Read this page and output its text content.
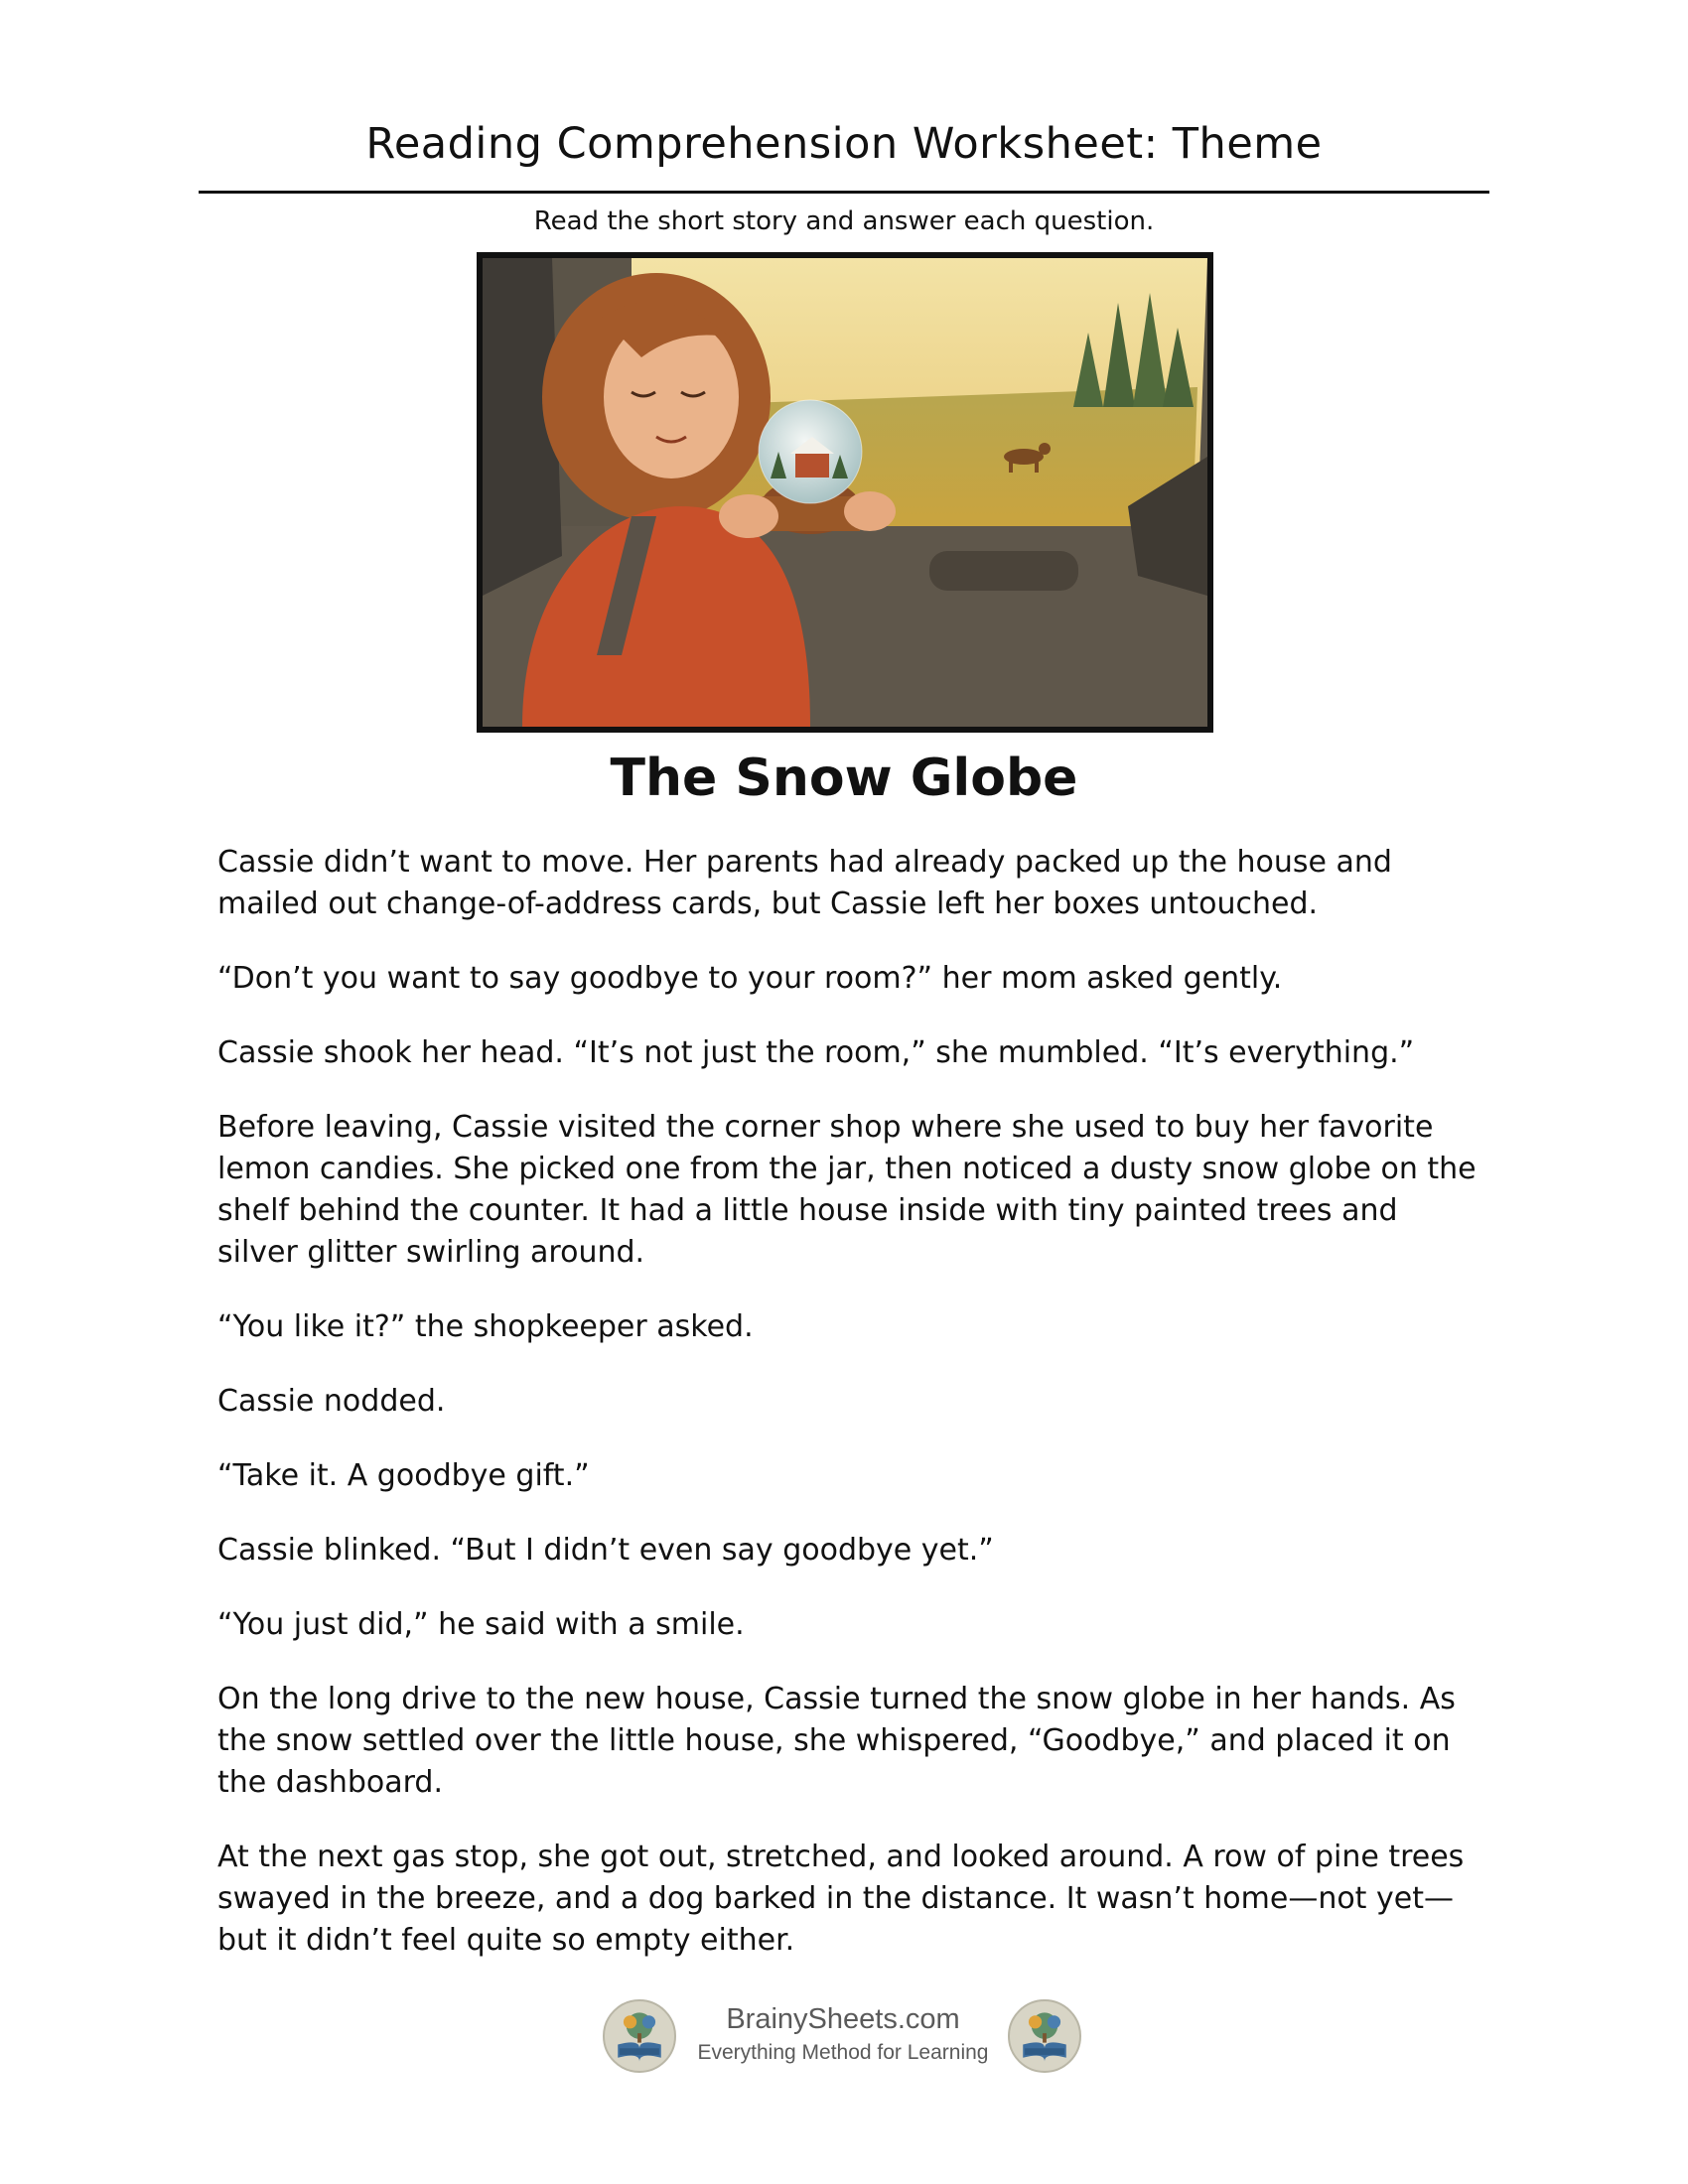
Reading Comprehension Worksheet: Theme
Read the short story and answer each question.
The Snow Globe

Cassie didn’t want to move. Her parents had already packed up the house and mailed out change-of-address cards, but Cassie left her boxes untouched.

“Don’t you want to say goodbye to your room?” her mom asked gently.

Cassie shook her head. “It’s not just the room,” she mumbled. “It’s everything.”

Before leaving, Cassie visited the corner shop where she used to buy her favorite lemon candies. She picked one from the jar, then noticed a dusty snow globe on the shelf behind the counter. It had a little house inside with tiny painted trees and silver glitter swirling around.

“You like it?” the shopkeeper asked.

Cassie nodded.

“Take it. A goodbye gift.”

Cassie blinked. “But I didn’t even say goodbye yet.”

“You just did,” he said with a smile.

On the long drive to the new house, Cassie turned the snow globe in her hands. As the snow settled over the little house, she whispered, “Goodbye,” and placed it on the dashboard.

At the next gas stop, she got out, stretched, and looked around. A row of pine trees swayed in the breeze, and a dog barked in the distance. It wasn’t home—not yet—but it didn’t feel quite so empty either.

BrainySheets.com
Everything Method for Learning
